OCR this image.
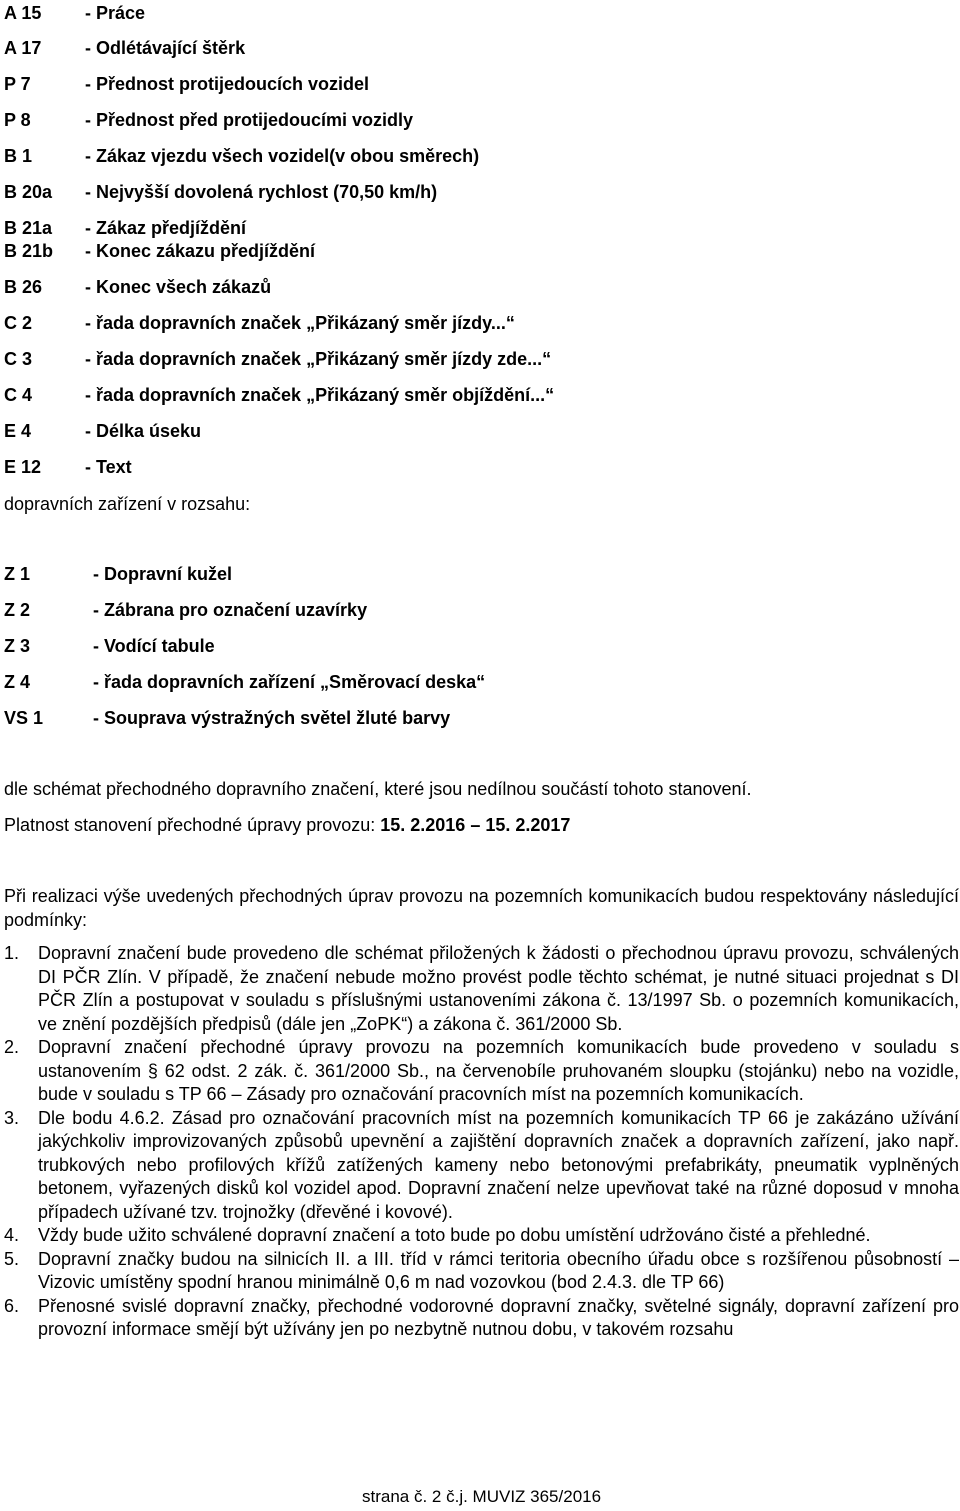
A 15 - Práce
A 17 - Odlétávající štěrk
P 7	- Přednost protijedoucích vozidel
P 8	- Přednost před protijedoucími vozidly
B 1	- Zákaz vjezdu všech vozidel(v obou směrech)
B 20a - Nejvyšší dovolená rychlost (70,50 km/h)
B 21a - Zákaz předjíždění
B 21b - Konec zákazu předjíždění
B 26 - Konec všech zákazů
C 2	- řada dopravních značek „Přikázaný směr jízdy...“
C 3	- řada dopravních značek „Přikázaný směr jízdy zde...“
C 4	- řada dopravních značek „Přikázaný směr objíždění...“
E 4	- Délka úseku
E 12 - Text
dopravních zařízení v rozsahu:
Z 1	- Dopravní kužel
Z 2	- Zábrana pro označení uzavírky
Z 3	- Vodící tabule
Z 4	- řada dopravních zařízení „Směrovací deska“
VS 1	- Souprava výstražných světel žluté barvy
dle schémat přechodného dopravního značení, které jsou nedílnou součástí tohoto stanovení.
Platnost stanovení přechodné úpravy provozu: 15. 2.2016 – 15. 2.2017
Při realizaci výše uvedených přechodných úprav provozu na pozemních komunikacích budou respektovány následující podmínky:
1. Dopravní značení bude provedeno dle schémat přiložených k žádosti o přechodnou úpravu provozu, schválených DI PČR Zlín. V případě, že značení nebude možno provést podle těchto schémat, je nutné situaci projednat s DI PČR Zlín a postupovat v souladu s příslušnými ustanoveními zákona č. 13/1997 Sb. o pozemních komunikacích, ve znění pozdějších předpisů (dále jen „ZoPK“) a zákona č. 361/2000 Sb.
2. Dopravní značení přechodné úpravy provozu na pozemních komunikacích bude provedeno v souladu s ustanovením § 62 odst. 2 zák. č. 361/2000 Sb., na červenobíle pruhovaném sloupku (stojánku) nebo na vozidle, bude v souladu s TP 66 – Zásady pro označování pracovních míst na pozemních komunikacích.
3. Dle bodu 4.6.2. Zásad pro označování pracovních míst na pozemních komunikacích TP 66 je zakázáno užívání jakýchkoliv improvizovaných způsobů upevnění a zajištění dopravních značek a dopravních zařízení, jako např. trubkových nebo profilových křížů zatížených kameny nebo betonovými prefabrikáty, pneumatik vyplněných betonem, vyřazených disků kol vozidel apod. Dopravní značení nelze upevňovat také na různé doposud v mnoha případech užívané tzv. trojnožky (dřevěné i kovové).
4. Vždy bude užito schválené dopravní značení a toto bude po dobu umístění udržováno čisté a přehledné.
5. Dopravní značky budou na silnicích II. a III. tříd v rámci teritoria obecního úřadu obce s rozšířenou působností – Vizovic umístěny spodní hranou minimálně 0,6 m nad vozovkou (bod 2.4.3. dle TP 66)
6. Přenosné svislé dopravní značky, přechodné vodorovné dopravní značky, světelné signály, dopravní zařízení pro provozní informace smějí být užívány jen po nezbytně nutnou dobu, v takovém rozsahu
strana č. 2 č.j. MUVIZ 365/2016
